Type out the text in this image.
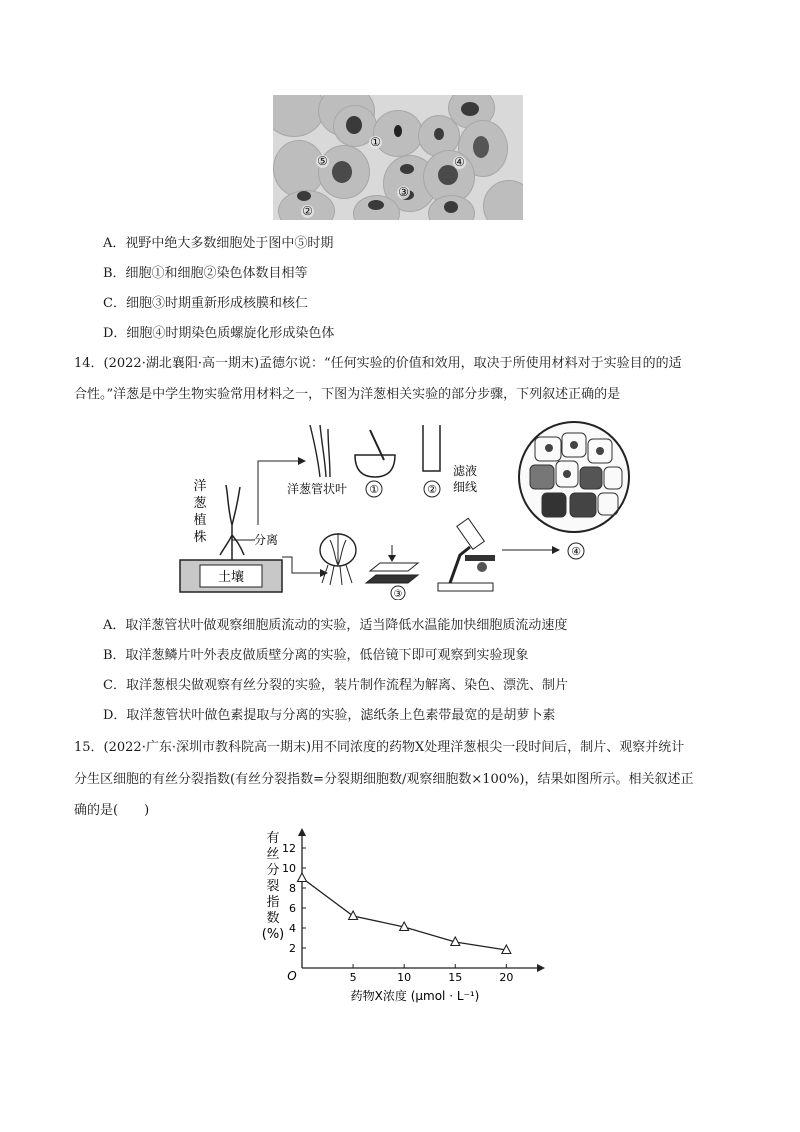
①
②
③
④
⑤
A．视野中绝大多数细胞处于图中⑤时期
B．细胞①和细胞②染色体数目相等
C．细胞③时期重新形成核膜和核仁
D．细胞④时期染色质螺旋化形成染色体
14．(2022·湖北襄阳·高一期末)孟德尔说：“任何实验的价值和效用，取决于所使用材料对于实验目的的适
合性。”洋葱是中学生物实验常用材料之一，下图为洋葱相关实验的部分步骤，下列叙述正确的是
土壤
分离
洋
葱
植
株
洋葱管状叶 ①	②
滤液
细线
③
④
A．取洋葱管状叶做观察细胞质流动的实验，适当降低水温能加快细胞质流动速度
B．取洋葱鳞片叶外表皮做质壁分离的实验，低倍镜下即可观察到实验现象
C．取洋葱根尖做观察有丝分裂的实验，装片制作流程为解离、染色、漂洗、制片
D．取洋葱管状叶做色素提取与分离的实验，滤纸条上色素带最宽的是胡萝卜素
15．(2022·广东·深圳市教科院高一期末)用不同浓度的药物X处理洋葱根尖一段时间后，制片、观察并统计
分生区细胞的有丝分裂指数(有丝分裂指数=分裂期细胞数/观察细胞数×100%)，结果如图所示。相关叙述正
确的是(　　)
有
丝
分
裂
指
数
(%)
O	5	10	15	20
2
4
6
8
10
12
药物X浓度 (μmol · L⁻¹)
